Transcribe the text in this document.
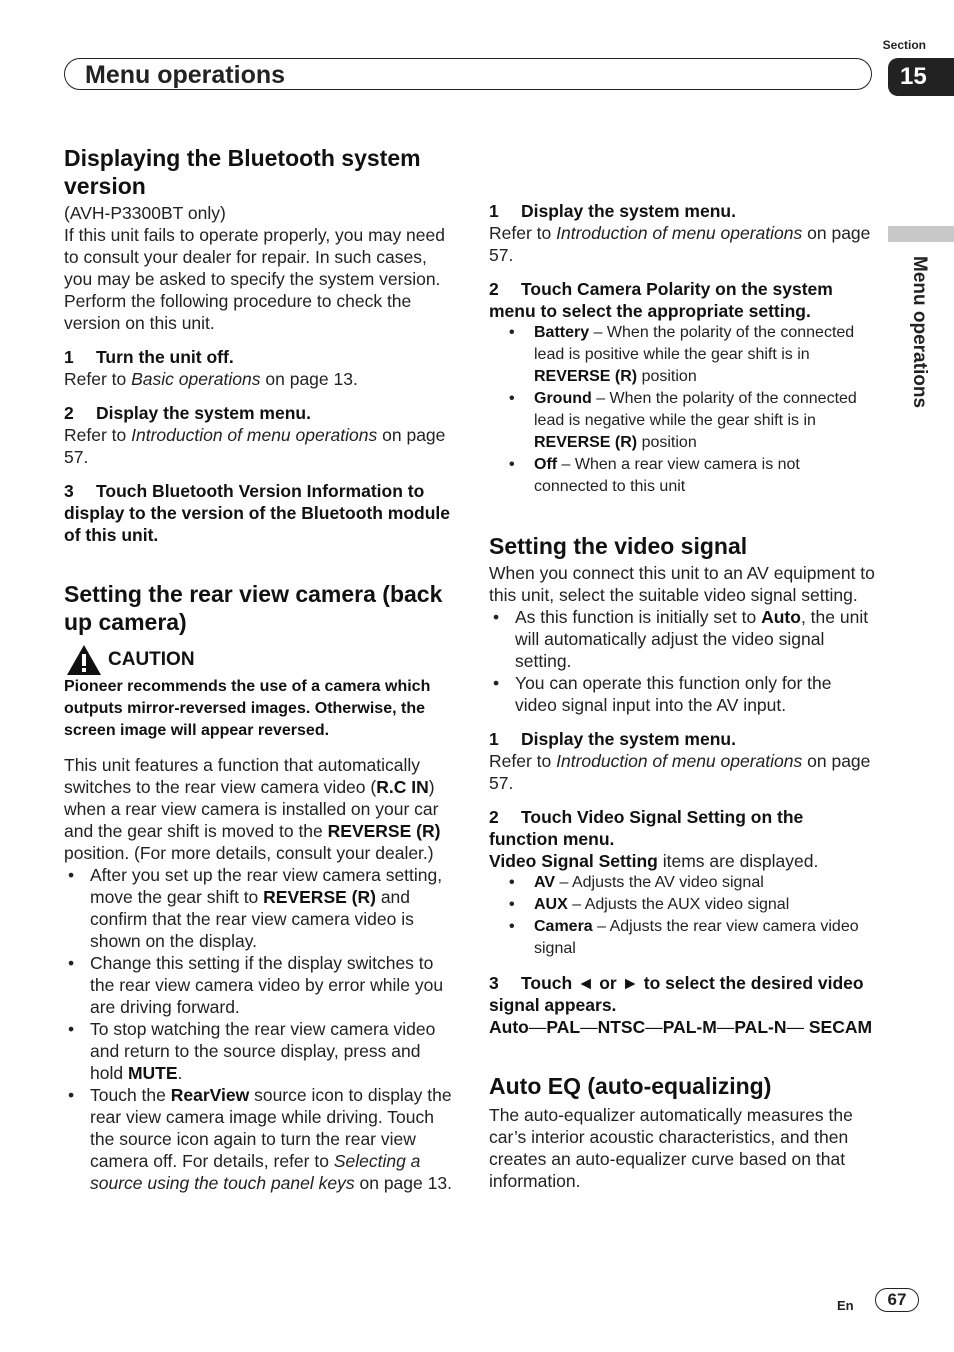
Section
Menu operations	15
Menu operations
Displaying the Bluetooth system version

(AVH-P3300BT only)

If this unit fails to operate properly, you may need to consult your dealer for repair. In such cases, you may be asked to specify the system version. Perform the following procedure to check the version on this unit.

1 Turn the unit off.

Refer to Basic operations on page 13.

2 Display the system menu.

Refer to Introduction of menu operations on page 57.

3 Touch Bluetooth Version Information to display to the version of the Bluetooth module of this unit.

Setting the rear view camera (back up camera)
CAUTION

Pioneer recommends the use of a camera which outputs mirror-reversed images. Otherwise, the screen image will appear reversed.

This unit features a function that automatically switches to the rear view camera video (R.C IN) when a rear view camera is installed on your car and the gear shift is moved to the REVERSE (R) position. (For more details, consult your dealer.)

• After you set up the rear view camera setting, move the gear shift to REVERSE (R) and confirm that the rear view camera video is shown on the display.
• Change this setting if the display switches to the rear view camera video by error while you are driving forward.
• To stop watching the rear view camera video and return to the source display, press and hold MUTE.
• Touch the RearView source icon to display the rear view camera image while driving. Touch the source icon again to turn the rear view camera off. For details, refer to Selecting a source using the touch panel keys on page 13.

1 Display the system menu.

Refer to Introduction of menu operations on page 57.

2 Touch Camera Polarity on the system menu to select the appropriate setting.

• Battery – When the polarity of the connected lead is positive while the gear shift is in REVERSE (R) position
• Ground – When the polarity of the connected lead is negative while the gear shift is in REVERSE (R) position
• Off – When a rear view camera is not connected to this unit
Setting the video signal

When you connect this unit to an AV equipment to this unit, select the suitable video signal setting.

• As this function is initially set to Auto, the unit will automatically adjust the video signal setting.
• You can operate this function only for the video signal input into the AV input.

1 Display the system menu.

Refer to Introduction of menu operations on page 57.

2 Touch Video Signal Setting on the function menu.

Video Signal Setting items are displayed.

• AV – Adjusts the AV video signal
• AUX – Adjusts the AUX video signal
• Camera – Adjusts the rear view camera video signal

3 Touch ◄ or ► to select the desired video signal appears.

Auto—PAL—NTSC—PAL-M—PAL-N— SECAM

Auto EQ (auto-equalizing)

The auto-equalizer automatically measures the car’s interior acoustic characteristics, and then creates an auto-equalizer curve based on that information.

En	67
